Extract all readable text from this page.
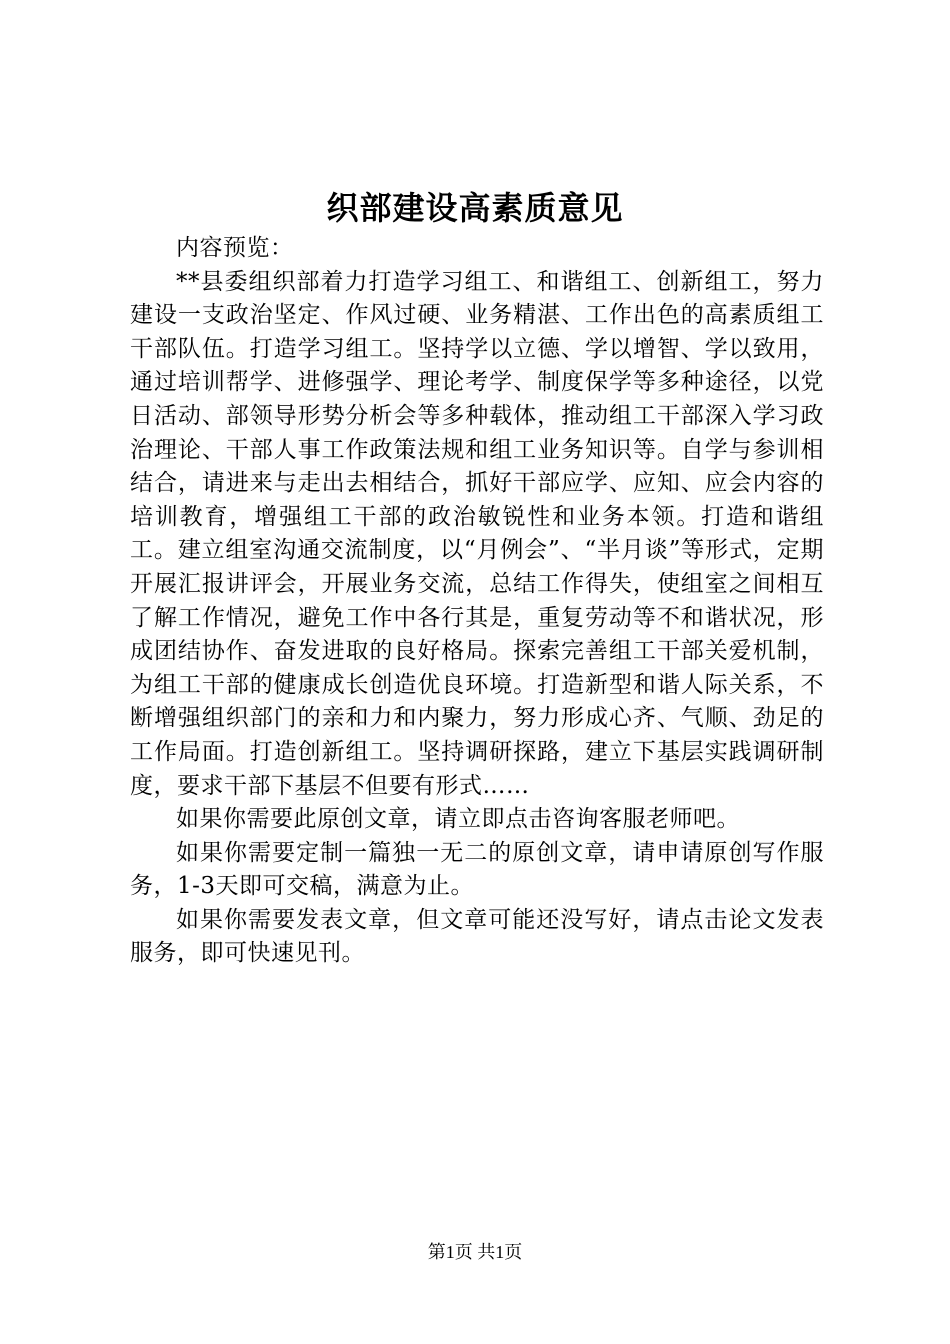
织部建设高素质意见

内容预览：

**县委组织部着力打造学习组工、和谐组工、创新组工，努力建设一支政治坚定、作风过硬、业务精湛、工作出色的高素质组工干部队伍。打造学习组工。坚持学以立德、学以增智、学以致用，通过培训帮学、进修强学、理论考学、制度保学等多种途径，以党日活动、部领导形势分析会等多种载体，推动组工干部深入学习政治理论、干部人事工作政策法规和组工业务知识等。自学与参训相结合，请进来与走出去相结合，抓好干部应学、应知、应会内容的培训教育，增强组工干部的政治敏锐性和业务本领。打造和谐组工。建立组室沟通交流制度，以“月例会”、“半月谈”等形式，定期开展汇报讲评会，开展业务交流，总结工作得失，使组室之间相互了解工作情况，避免工作中各行其是，重复劳动等不和谐状况，形成团结协作、奋发进取的良好格局。探索完善组工干部关爱机制，为组工干部的健康成长创造优良环境。打造新型和谐人际关系，不断增强组织部门的亲和力和内聚力，努力形成心齐、气顺、劲足的工作局面。打造创新组工。坚持调研探路，建立下基层实践调研制度，要求干部下基层不但要有形式……

如果你需要此原创文章，请立即点击咨询客服老师吧。

如果你需要定制一篇独一无二的原创文章，请申请原创写作服务，1-3天即可交稿，满意为止。

如果你需要发表文章，但文章可能还没写好，请点击论文发表服务，即可快速见刊。

第1页 共1页
